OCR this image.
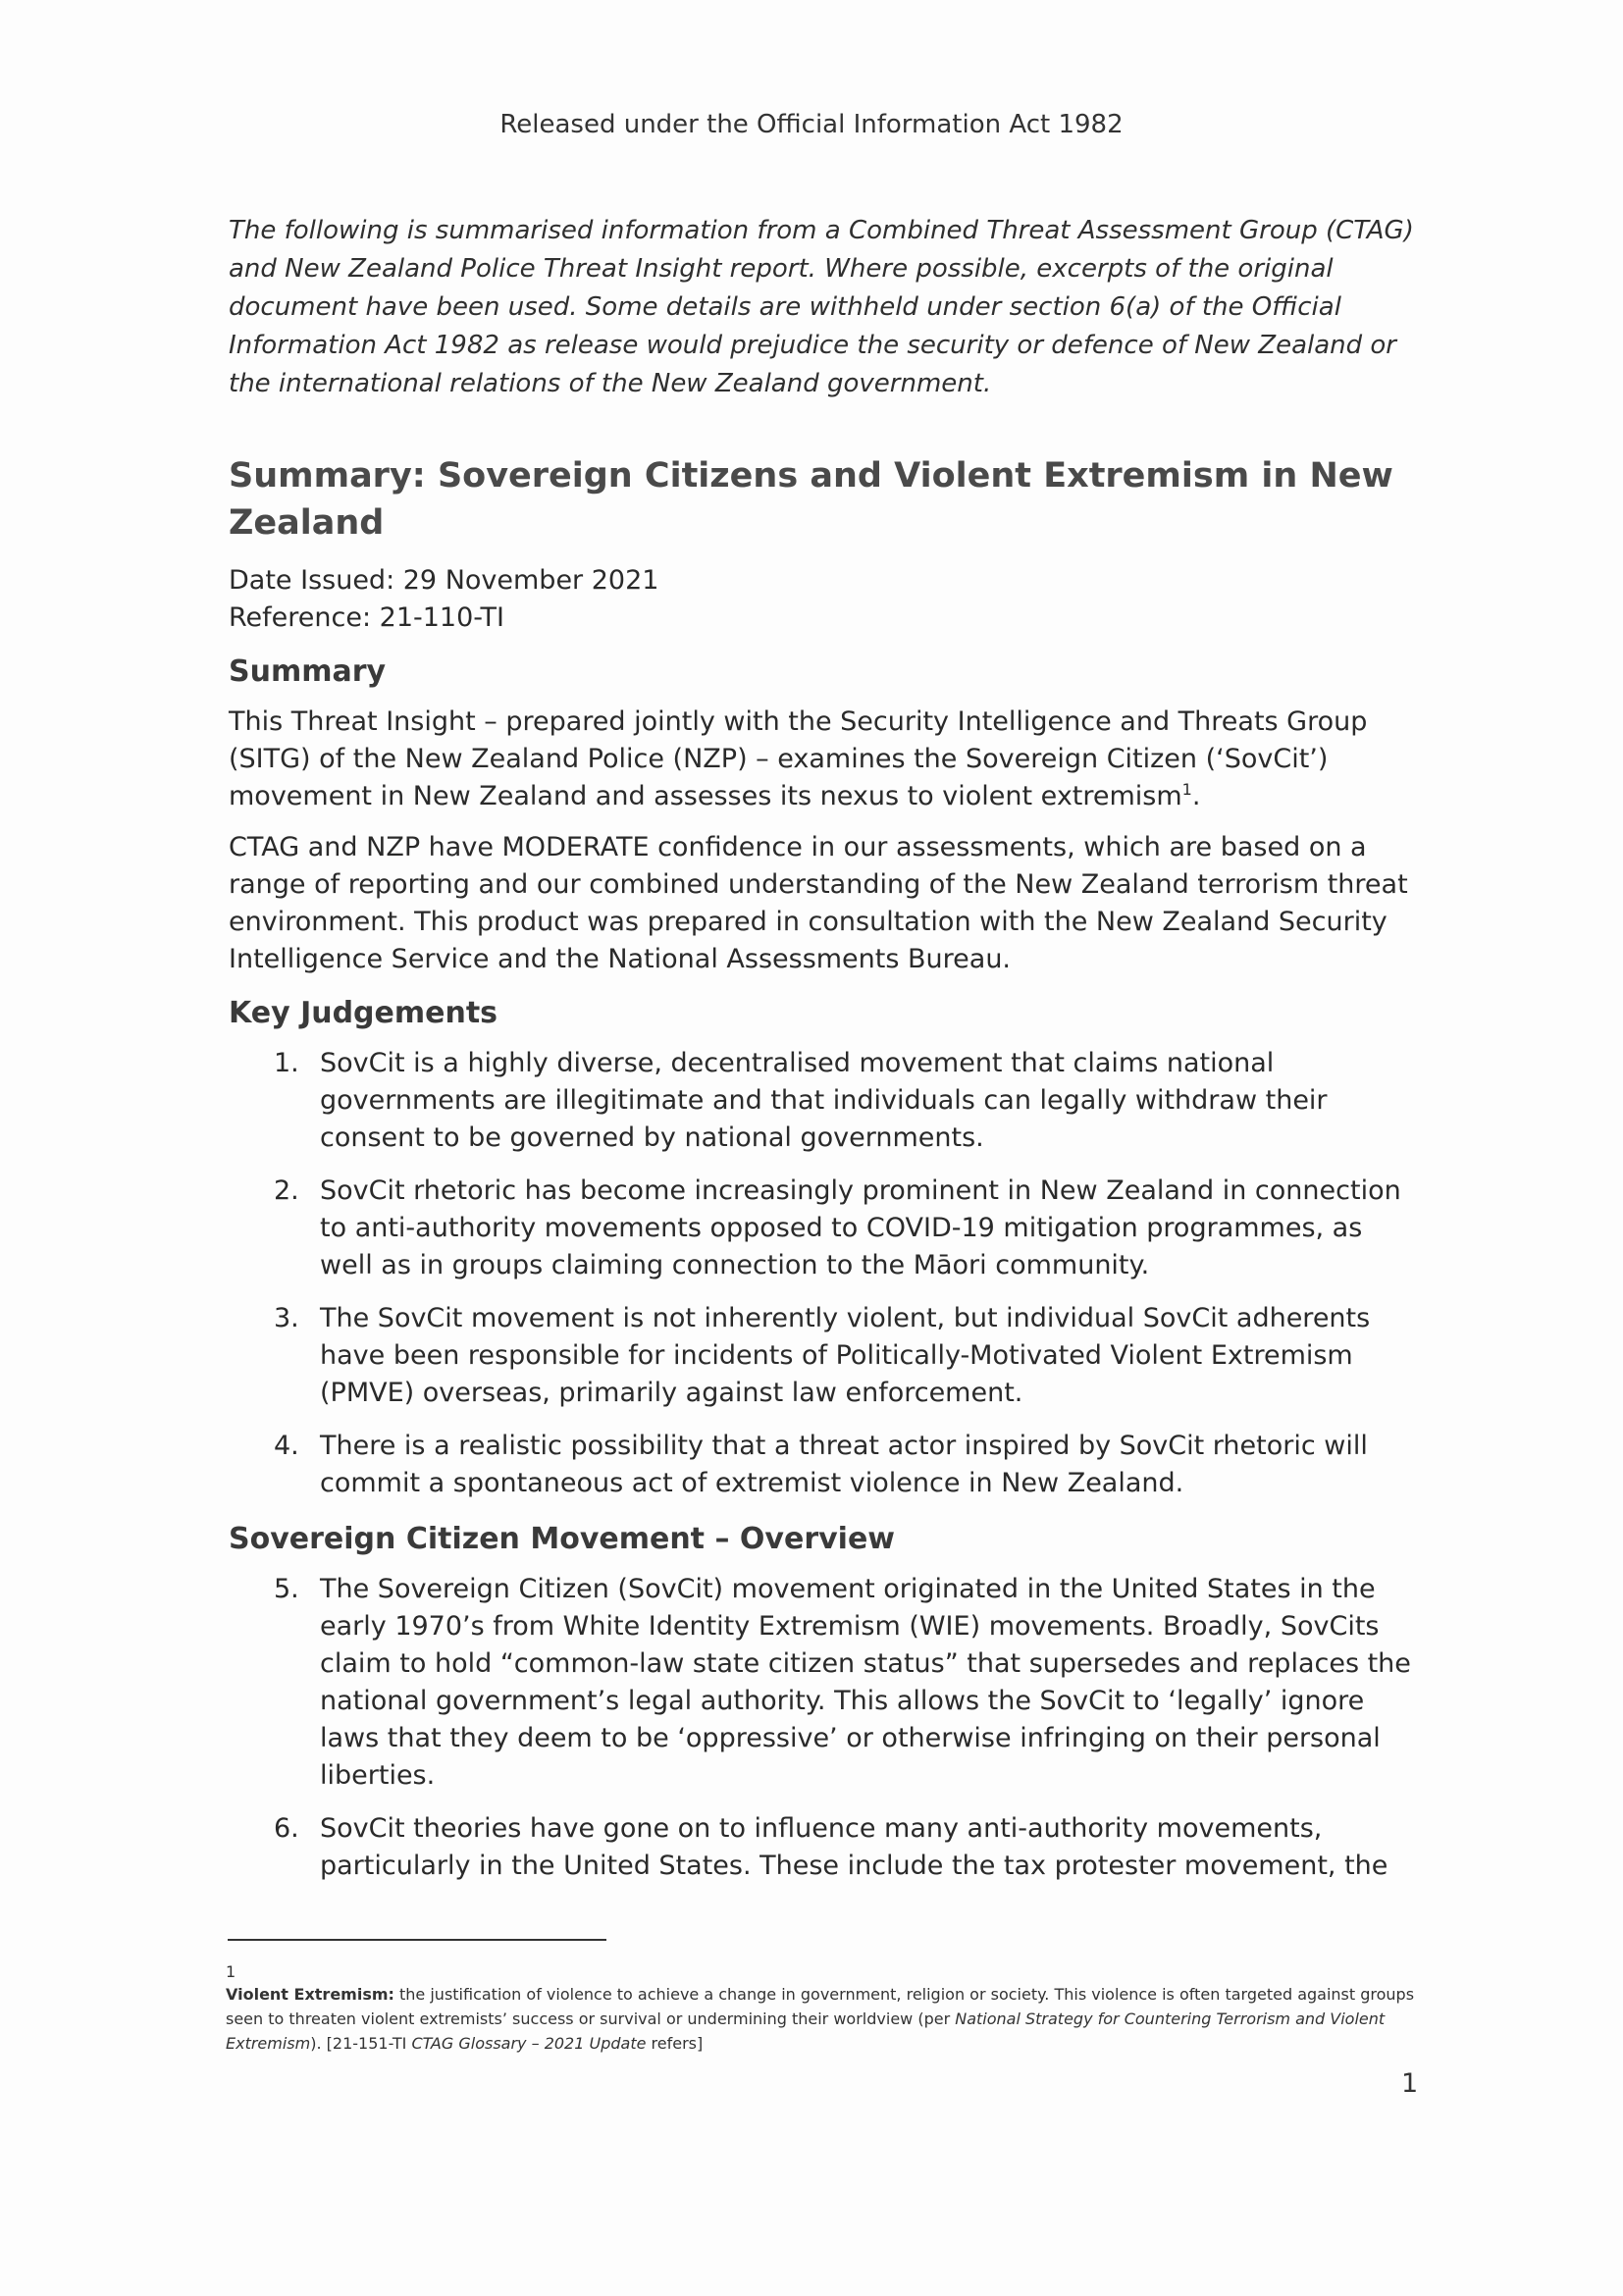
Released under the Official Information Act 1982

The following is summarised information from a Combined Threat Assessment Group (CTAG) and New Zealand Police Threat Insight report. Where possible, excerpts of the original document have been used. Some details are withheld under section 6(a) of the Official Information Act 1982 as release would prejudice the security or defence of New Zealand or the international relations of the New Zealand government.

Summary: Sovereign Citizens and Violent Extremism in New Zealand
Date Issued: 29 November 2021
Reference: 21-110-TI
Summary

This Threat Insight – prepared jointly with the Security Intelligence and Threats Group (SITG) of the New Zealand Police (NZP) – examines the Sovereign Citizen (‘SovCit’) movement in New Zealand and assesses its nexus to violent extremism$^1$.

CTAG and NZP have MODERATE confidence in our assessments, which are based on a range of reporting and our combined understanding of the New Zealand terrorism threat environment. This product was prepared in consultation with the New Zealand Security Intelligence Service and the National Assessments Bureau.

Key Judgements
1. SovCit is a highly diverse, decentralised movement that claims national governments are illegitimate and that individuals can legally withdraw their consent to be governed by national governments.
2. SovCit rhetoric has become increasingly prominent in New Zealand in connection to anti-authority movements opposed to COVID-19 mitigation programmes, as well as in groups claiming connection to the Māori community.
3. The SovCit movement is not inherently violent, but individual SovCit adherents have been responsible for incidents of Politically-Motivated Violent Extremism (PMVE) overseas, primarily against law enforcement.
4. There is a realistic possibility that a threat actor inspired by SovCit rhetoric will commit a spontaneous act of extremist violence in New Zealand.
Sovereign Citizen Movement – Overview
5. The Sovereign Citizen (SovCit) movement originated in the United States in the early 1970’s from White Identity Extremism (WIE) movements. Broadly, SovCits claim to hold “common-law state citizen status” that supersedes and replaces the national government’s legal authority. This allows the SovCit to ‘legally’ ignore laws that they deem to be ‘oppressive’ or otherwise infringing on their personal liberties.
6. SovCit theories have gone on to influence many anti-authority movements, particularly in the United States. These include the tax protester movement, the
1
Violent Extremism: the justification of violence to achieve a change in government, religion or society. This violence is often targeted against groups seen to threaten violent extremists’ success or survival or undermining their worldview (per National Strategy for Countering Terrorism and Violent Extremism). [21-151-TI CTAG Glossary – 2021 Update refers]
1
